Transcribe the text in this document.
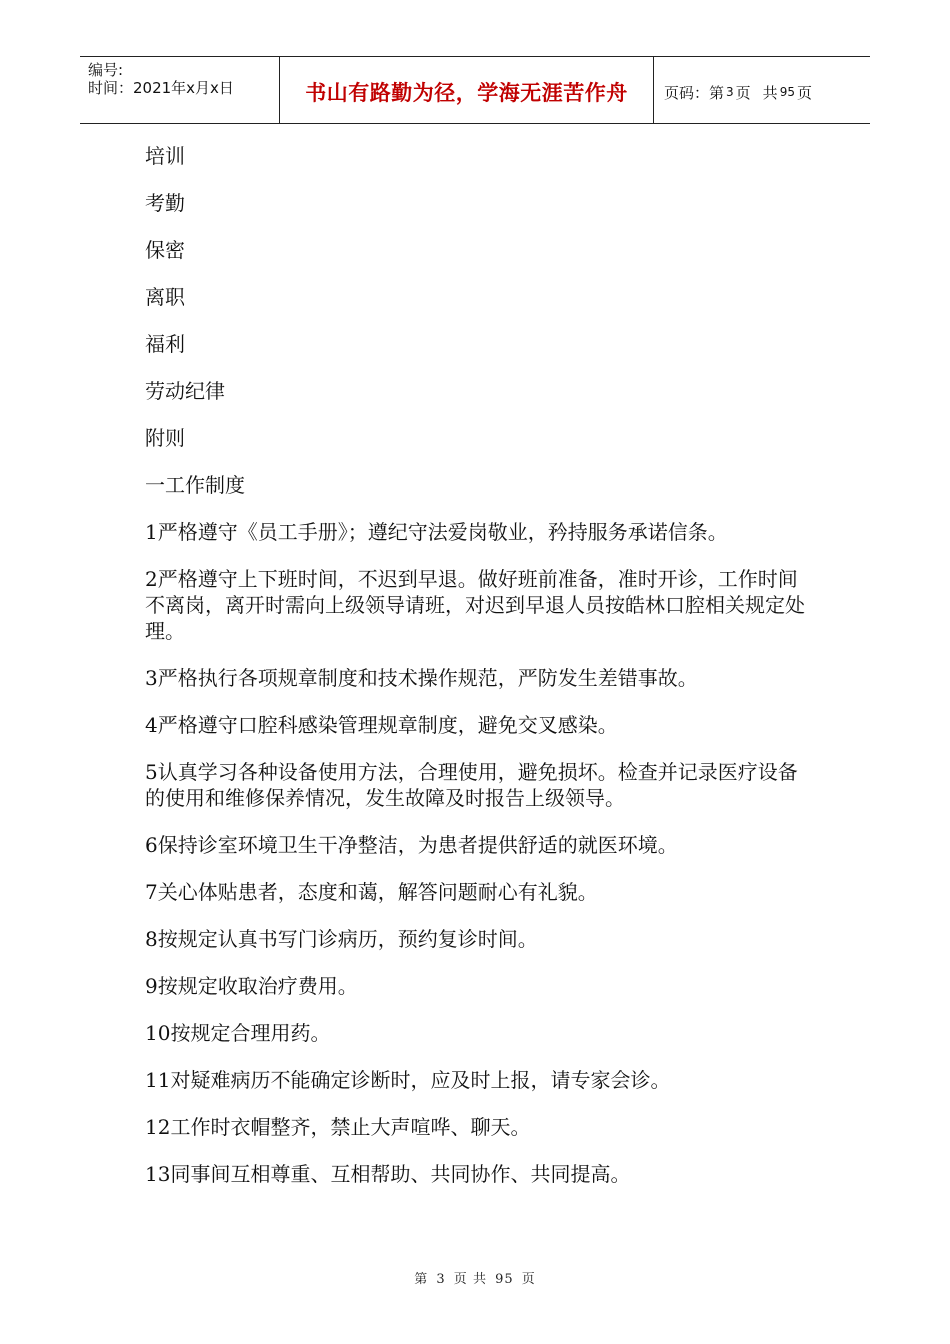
编号:
时间：2021年x月x日	书山有路勤为径，学海无涯苦作舟	页码：第 3 页 共 95 页
培训
考勤
保密
离职
福利
劳动纪律
附则
一工作制度
1严格遵守《员工手册》；遵纪守法爱岗敬业，矜持服务承诺信条。
2严格遵守上下班时间，不迟到早退。做好班前准备，准时开诊，工作时间不离岗，离开时需向上级领导请班，对迟到早退人员按皓林口腔相关规定处理。
3严格执行各项规章制度和技术操作规范，严防发生差错事故。
4严格遵守口腔科感染管理规章制度，避免交叉感染。
5认真学习各种设备使用方法，合理使用，避免损坏。检查并记录医疗设备的使用和维修保养情况，发生故障及时报告上级领导。
6保持诊室环境卫生干净整洁，为患者提供舒适的就医环境。
7关心体贴患者，态度和蔼，解答问题耐心有礼貌。
8按规定认真书写门诊病历，预约复诊时间。
9按规定收取治疗费用。
10按规定合理用药。
11对疑难病历不能确定诊断时，应及时上报，请专家会诊。
12工作时衣帽整齐，禁止大声喧哗、聊天。
13同事间互相尊重、互相帮助、共同协作、共同提高。
第 3 页 共 95 页
